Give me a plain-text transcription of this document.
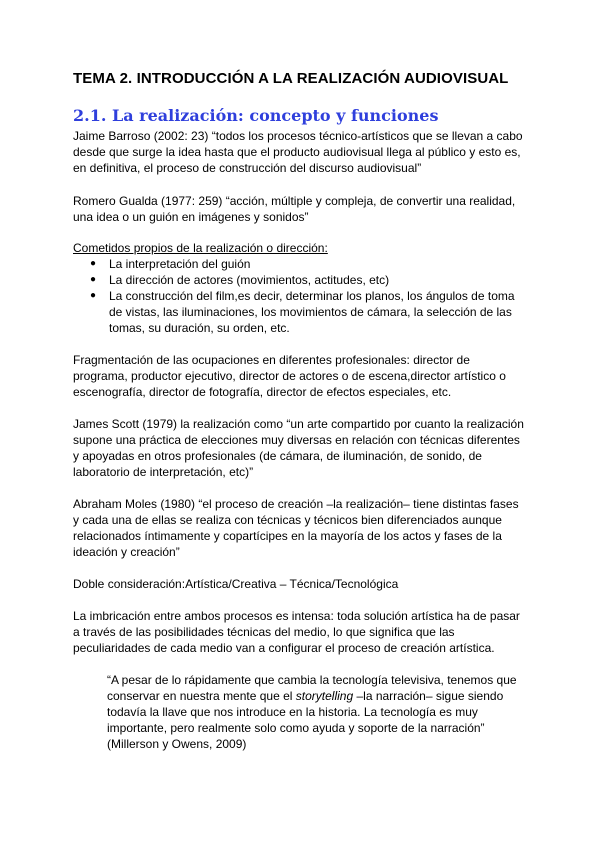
TEMA 2. INTRODUCCIÓN A LA REALIZACIÓN AUDIOVISUAL
2.1. La realización: concepto y funciones
Jaime Barroso (2002: 23) “todos los procesos técnico-artísticos que se llevan a cabo
desde que surge la idea hasta que el producto audiovisual llega al público y esto es,
en definitiva, el proceso de construcción del discurso audiovisual”
Romero Gualda (1977: 259) “acción, múltiple y compleja, de convertir una realidad,
una idea o un guión en imágenes y sonidos”
Cometidos propios de la realización o dirección:
● La interpretación del guión
● La dirección de actores (movimientos, actitudes, etc)
● La construcción del film,es decir, determinar los planos, los ángulos de toma
de vistas, las iluminaciones, los movimientos de cámara, la selección de las
tomas, su duración, su orden, etc.
Fragmentación de las ocupaciones en diferentes profesionales: director de
programa, productor ejecutivo, director de actores o de escena,director artístico o
escenografía, director de fotografía, director de efectos especiales, etc.
James Scott (1979) la realización como “un arte compartido por cuanto la realización
supone una práctica de elecciones muy diversas en relación con técnicas diferentes
y apoyadas en otros profesionales (de cámara, de iluminación, de sonido, de
laboratorio de interpretación, etc)”
Abraham Moles (1980) “el proceso de creación –la realización– tiene distintas fases
y cada una de ellas se realiza con técnicas y técnicos bien diferenciados aunque
relacionados íntimamente y copartícipes en la mayoría de los actos y fases de la
ideación y creación”
Doble consideración:Artística/Creativa – Técnica/Tecnológica
La imbricación entre ambos procesos es intensa: toda solución artística ha de pasar
a través de las posibilidades técnicas del medio, lo que significa que las
peculiaridades de cada medio van a configurar el proceso de creación artística.
“A pesar de lo rápidamente que cambia la tecnología televisiva, tenemos que
conservar en nuestra mente que el storytelling –la narración– sigue siendo
todavía la llave que nos introduce en la historia. La tecnología es muy
importante, pero realmente solo como ayuda y soporte de la narración”
(Millerson y Owens, 2009)
